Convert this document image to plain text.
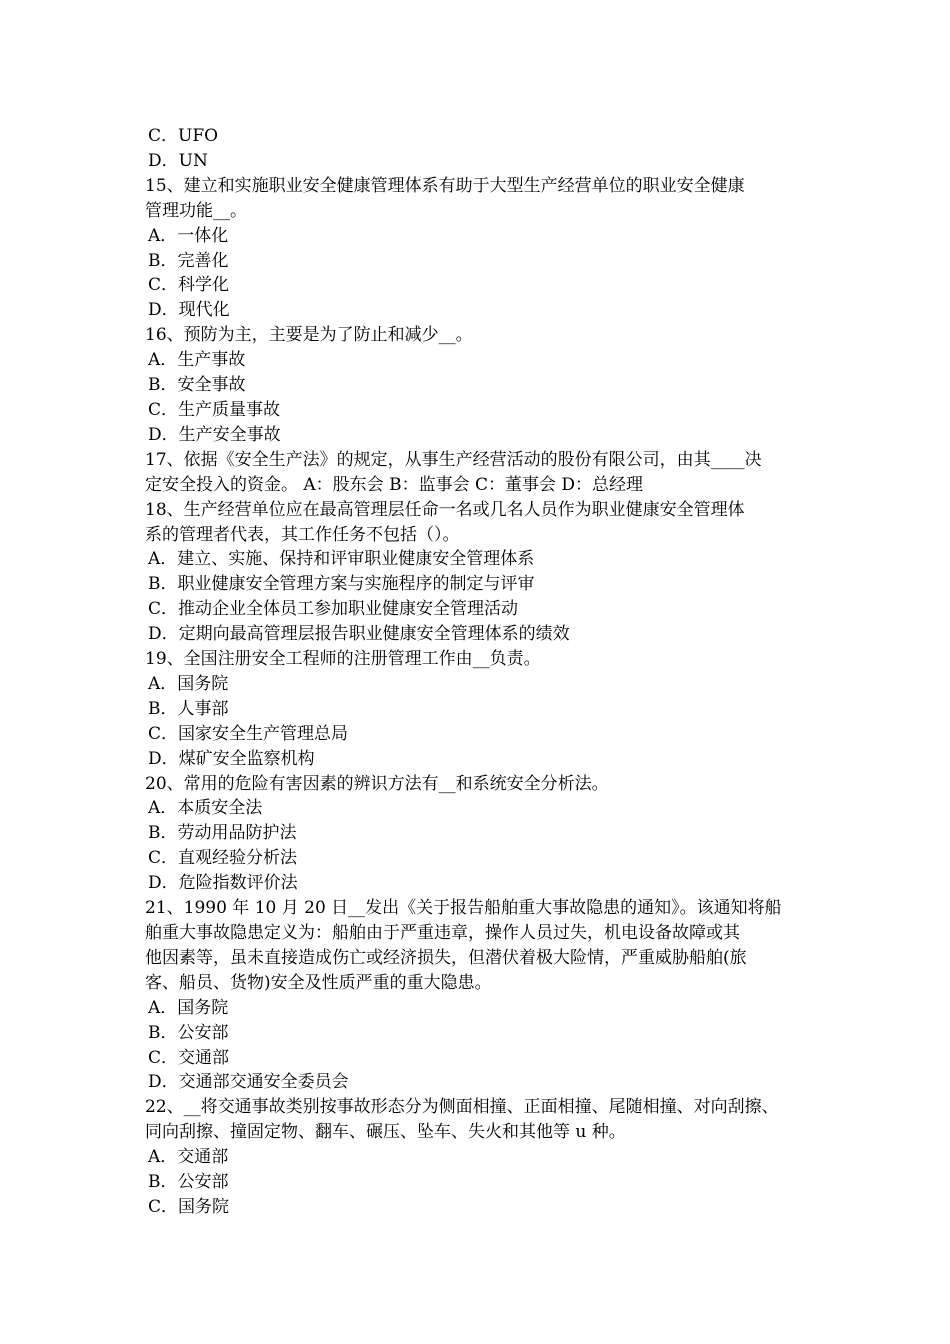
C．UFO
D．UN
15、建立和实施职业安全健康管理体系有助于大型生产经营单位的职业安全健康
管理功能__。
A．一体化
B．完善化
C．科学化
D．现代化
16、预防为主，主要是为了防止和减少__。
A．生产事故
B．安全事故
C．生产质量事故
D．生产安全事故
17、依据《安全生产法》的规定，从事生产经营活动的股份有限公司，由其____决
定安全投入的资金。 A：股东会 B：监事会 C：董事会 D：总经理
18、生产经营单位应在最高管理层任命一名或几名人员作为职业健康安全管理体
系的管理者代表，其工作任务不包括（）。
A．建立、实施、保持和评审职业健康安全管理体系
B．职业健康安全管理方案与实施程序的制定与评审
C．推动企业全体员工参加职业健康安全管理活动
D．定期向最高管理层报告职业健康安全管理体系的绩效
19、全国注册安全工程师的注册管理工作由__负责。
A．国务院
B．人事部
C．国家安全生产管理总局
D．煤矿安全监察机构
20、常用的危险有害因素的辨识方法有__和系统安全分析法。
A．本质安全法
B．劳动用品防护法
C．直观经验分析法
D．危险指数评价法
21、1990 年 10 月 20 日__发出《关于报告船舶重大事故隐患的通知》。该通知将船
舶重大事故隐患定义为：船舶由于严重违章，操作人员过失，机电设备故障或其
他因素等，虽未直接造成伤亡或经济损失，但潜伏着极大险情，严重威胁船舶(旅
客、船员、货物)安全及性质严重的重大隐患。
A．国务院
B．公安部
C．交通部
D．交通部交通安全委员会
22、__将交通事故类别按事故形态分为侧面相撞、正面相撞、尾随相撞、对向刮擦、
同向刮擦、撞固定物、翻车、碾压、坠车、失火和其他等 u 种。
A．交通部
B．公安部
C．国务院
